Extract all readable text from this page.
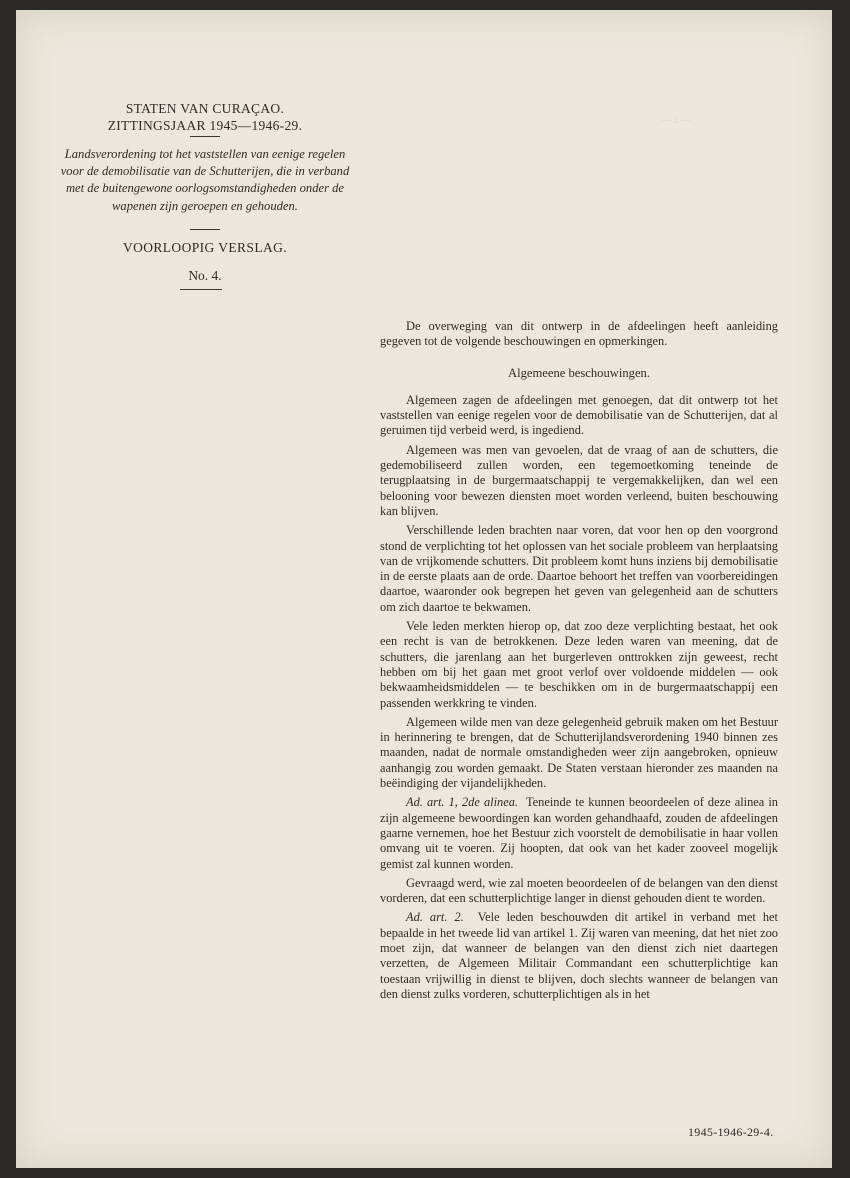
STATEN VAN CURAÇAO.
ZITTINGSJAAR 1945—1946-29.
Landsverordening tot het vaststellen van eenige regelen voor de demobilisatie van de Schutterijen, die in verband met de buitengewone oorlogsomstandigheden onder de wapenen zijn geroepen en gehouden.
VOORLOOPIG VERSLAG.
No. 4.
— 2 —

De overweging van dit ontwerp in de afdeelingen heeft aanleiding gegeven tot de volgende beschouwingen en opmerkingen.

Algemeene beschouwingen.

Algemeen zagen de afdeelingen met genoegen, dat dit ontwerp tot het vaststellen van eenige regelen voor de demobilisatie van de Schutterijen, dat al geruimen tijd verbeid werd, is ingediend.

Algemeen was men van gevoelen, dat de vraag of aan de schutters, die gedemobiliseerd zullen worden, een tegemoetkoming teneinde de terugplaatsing in de burgermaatschappij te vergemakkelijken, dan wel een belooning voor bewezen diensten moet worden verleend, buiten beschouwing kan blijven.

Verschillende leden brachten naar voren, dat voor hen op den voorgrond stond de verplichting tot het oplossen van het sociale probleem van herplaatsing van de vrijkomende schutters. Dit probleem komt huns inziens bij demobilisatie in de eerste plaats aan de orde. Daartoe behoort het treffen van voorbereidingen daartoe, waaronder ook begrepen het geven van gelegenheid aan de schutters om zich daartoe te bekwamen.

Vele leden merkten hierop op, dat zoo deze verplichting bestaat, het ook een recht is van de betrokkenen. Deze leden waren van meening, dat de schutters, die jarenlang aan het burgerleven onttrokken zijn geweest, recht hebben om bij het gaan met groot verlof over voldoende middelen — ook bekwaamheidsmiddelen — te beschikken om in de burgermaatschappij een passenden werkkring te vinden.

Algemeen wilde men van deze gelegenheid gebruik maken om het Bestuur in herinnering te brengen, dat de Schutterijlandsverordening 1940 binnen zes maanden, nadat de normale omstandigheden weer zijn aangebroken, opnieuw aanhangig zou worden gemaakt. De Staten verstaan hieronder zes maanden na beëindiging der vijandelijkheden.

Ad. art. 1, 2de alinea. Teneinde te kunnen beoordeelen of deze alinea in zijn algemeene bewoordingen kan worden gehandhaafd, zouden de afdeelingen gaarne vernemen, hoe het Bestuur zich voorstelt de demobilisatie in haar vollen omvang uit te voeren. Zij hoopten, dat ook van het kader zooveel mogelijk gemist zal kunnen worden.

Gevraagd werd, wie zal moeten beoordeelen of de belangen van den dienst vorderen, dat een schutterplichtige langer in dienst gehouden dient te worden.

Ad. art. 2. Vele leden beschouwden dit artikel in verband met het bepaalde in het tweede lid van artikel 1. Zij waren van meening, dat het niet zoo moet zijn, dat wanneer de belangen van den dienst zich niet daartegen verzetten, de Algemeen Militair Commandant een schutterplichtige kan toestaan vrijwillig in dienst te blijven, doch slechts wanneer de belangen van den dienst zulks vorderen, schutterplichtigen als in het

1945-1946-29-4.
